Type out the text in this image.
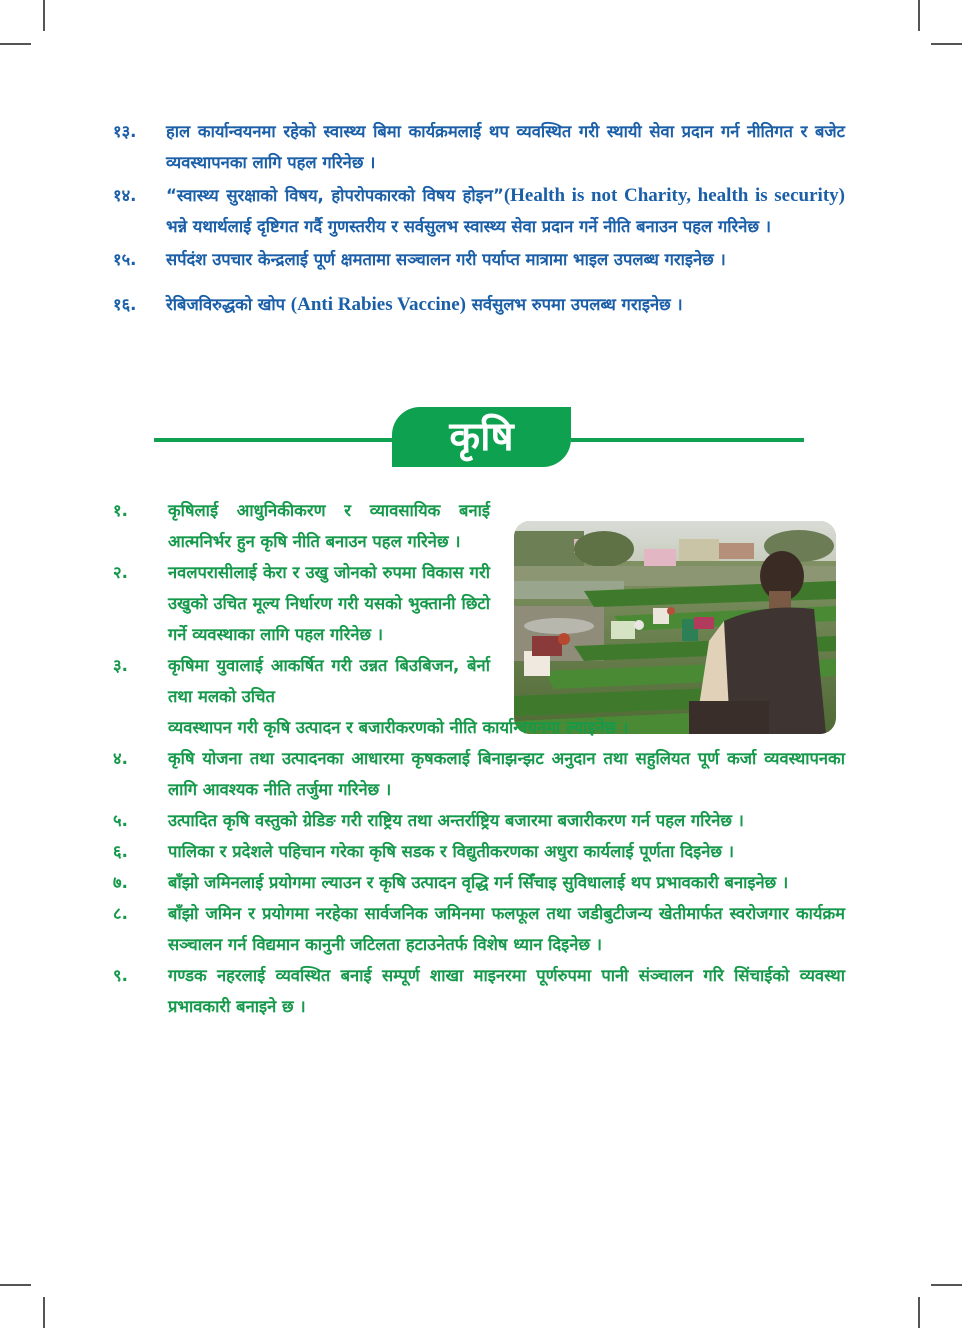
१३.	हाल कार्यान्वयनमा रहेको स्वास्थ्य बिमा कार्यक्रमलाई थप व्यवस्थित गरी स्थायी सेवा प्रदान गर्न नीतिगत र बजेट व्यवस्थापनका लागि पहल गरिनेछ ।
१४.	“स्वास्थ्य सुरक्षाको विषय, होपरोपकारको विषय होइन”(Health is not Charity, health is security) भन्ने यथार्थलाई दृष्टिगत गर्दै गुणस्तरीय र सर्वसुलभ स्वास्थ्य सेवा प्रदान गर्ने नीति बनाउन पहल गरिनेछ ।
१५.	सर्पदंश उपचार केन्द्रलाई पूर्ण क्षमतामा सञ्चालन गरी पर्याप्त मात्रामा भाइल उपलब्ध गराइनेछ ।
१६.	रेबिजविरुद्धको खोप (Anti Rabies Vaccine) सर्वसुलभ रुपमा उपलब्ध गराइनेछ ।
कृषि
१.	कृषिलाई आधुनिकीकरण र व्यावसायिक बनाई आत्मनिर्भर हुन कृषि नीति बनाउन पहल गरिनेछ ।
२.	नवलपरासीलाई केरा र उखु जोनको रुपमा विकास गरी उखुको उचित मूल्य निर्धारण गरी यसको भुक्तानी छिटो गर्ने व्यवस्थाका लागि पहल गरिनेछ ।
३.	कृषिमा युवालाई आकर्षित गरी उन्नत बिउबिजन, बेर्ना तथा मलको उचित
व्यवस्थापन गरी कृषि उत्पादन र बजारीकरणको नीति कार्यान्वयनमा ल्याइनेछ ।
४.	कृषि योजना तथा उत्पादनका आधारमा कृषकलाई बिनाझन्झट अनुदान तथा सहुलियत पूर्ण कर्जा व्यवस्थापनका लागि आवश्यक नीति तर्जुमा गरिनेछ ।
५.	उत्पादित कृषि वस्तुको ग्रेडिङ गरी राष्ट्रिय तथा अन्तर्राष्ट्रिय बजारमा बजारीकरण गर्न पहल गरिनेछ ।
६.	पालिका र प्रदेशले पहिचान गरेका कृषि सडक र विद्युतीकरणका अधुरा कार्यलाई पूर्णता दिइनेछ ।
७.	बाँझो जमिनलाई प्रयोगमा ल्याउन र कृषि उत्पादन वृद्धि गर्न सिँचाइ सुविधालाई थप प्रभावकारी बनाइनेछ ।
८.	बाँझो जमिन र प्रयोगमा नरहेका सार्वजनिक जमिनमा फलफूल तथा जडीबुटीजन्य खेतीमार्फत स्वरोजगार कार्यक्रम सञ्चालन गर्न विद्यमान कानुनी जटिलता हटाउनेतर्फ विशेष ध्यान दिइनेछ ।
९.	गण्डक नहरलाई व्यवस्थित बनाई सम्पूर्ण शाखा माइनरमा पूर्णरुपमा पानी संञ्चालन गरि सिंचाईको व्यवस्था प्रभावकारी बनाइने छ ।
